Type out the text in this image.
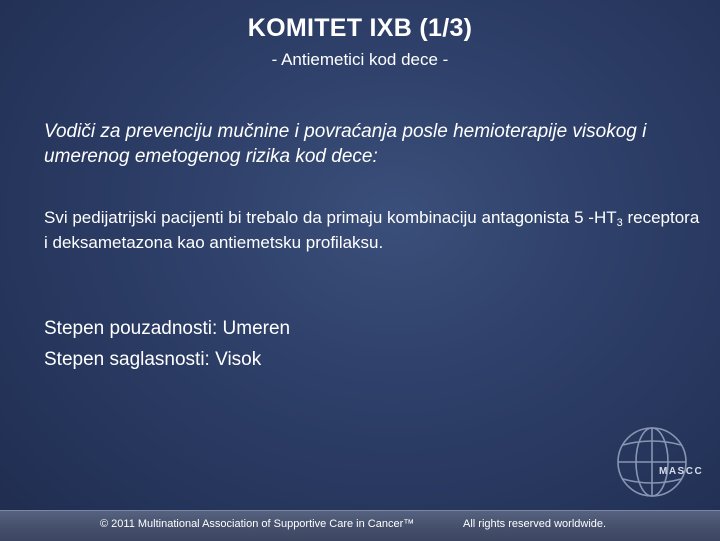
KOMITET IXB (1/3)
- Antiemetici kod dece -
Vodiči za prevenciju mučnine i povraćanja posle hemioterapije visokog i umerenog emetogenog rizika kod dece:
Svi pedijatrijski pacijenti bi trebalo da primaju kombinaciju antagonista 5 $-HT_3$ receptora i deksametazona kao antiemetsku profilaksu.
Stepen pouzadnosti: Umeren
Stepen saglasnosti: Visok
MASCC
© 2011 Multinational Association of Supportive Care in Cancer™	All rights reserved worldwide.
